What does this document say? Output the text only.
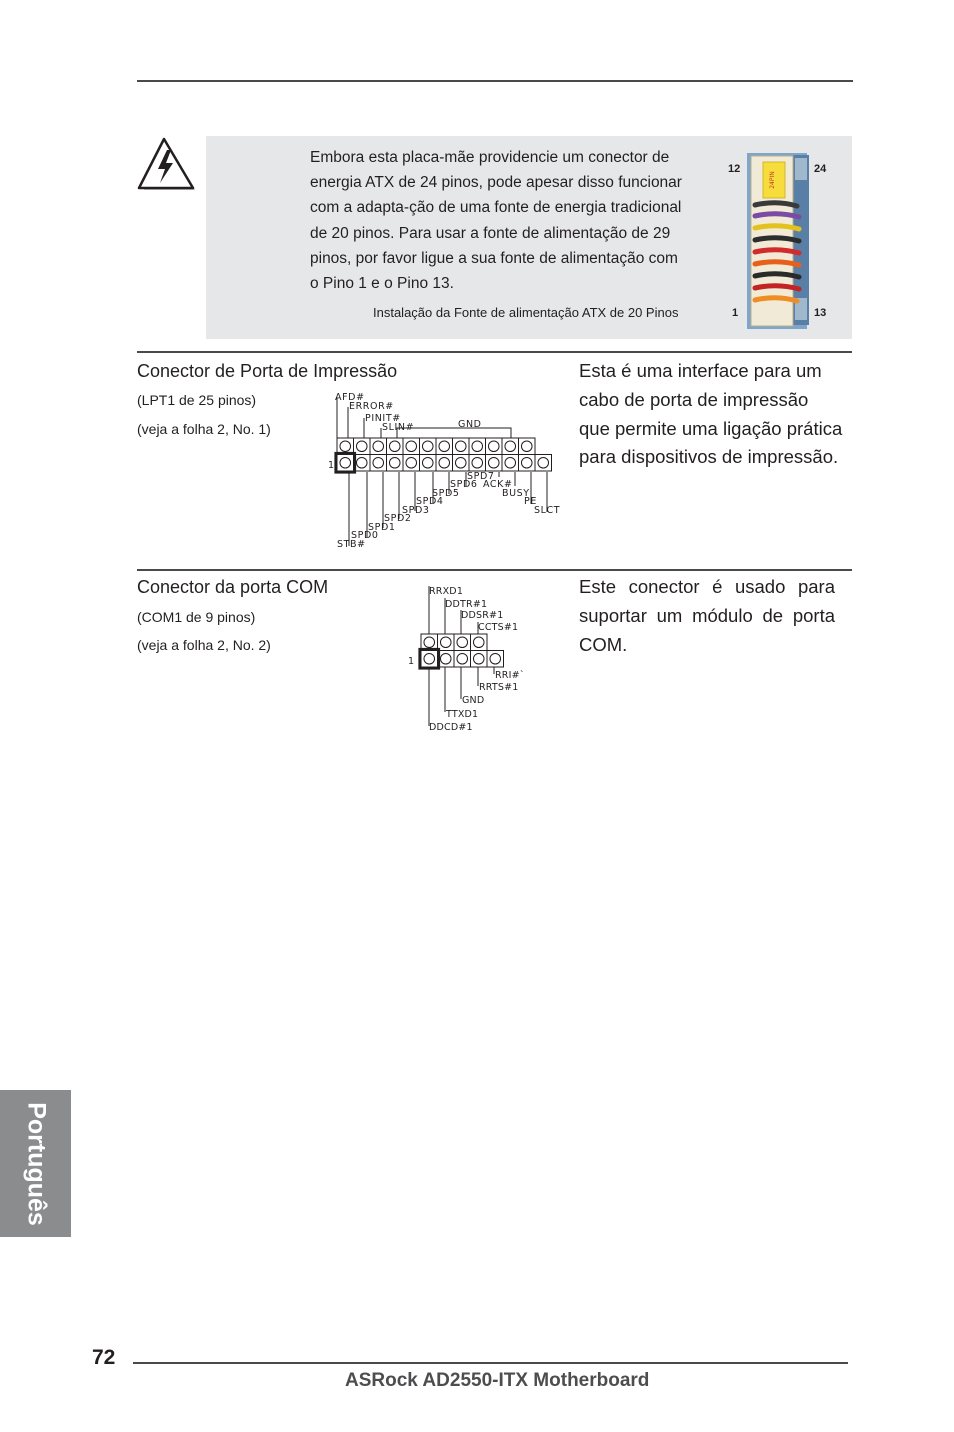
Embora esta placa-mãe providencie um conector de
energia ATX de 24 pinos, pode apesar disso funcionar
com a adapta-ção de uma fonte de energia tradicional
de 20 pinos. Para usar a fonte de alimentação de 29
pinos, por favor ligue a sua fonte de alimentação com
o Pino 1 e o Pino 13.
Instalação da Fonte de alimentação ATX de 20 Pinos
24PIN
12	24
1	13
Conector de Porta de Impressão
(LPT1 de 25 pinos)
(veja a folha 2, No. 1)
Esta é uma interface para um
cabo de porta de impressão
que permite uma ligação prática
para dispositivos de impressão.
1
AFD#
ERROR#
PINIT#
SLIN#	GND
SPD7
SPD6 ACK#
SPD5	BUSY
SPD4	PE
SPD3	SLCT
SPD2
SPD1
SPD0
STB#
Conector da porta COM
(COM1 de 9 pinos)
(veja a folha 2, No. 2)
Este conector é usado para
suportar um módulo de porta
COM.
1
RRXD1
DDTR#1
DDSR#1
CCTS#1
RRI#`
RRTS#1
GND
TTXD1
DDCD#1
Português
72
ASRock AD2550-ITX Motherboard
